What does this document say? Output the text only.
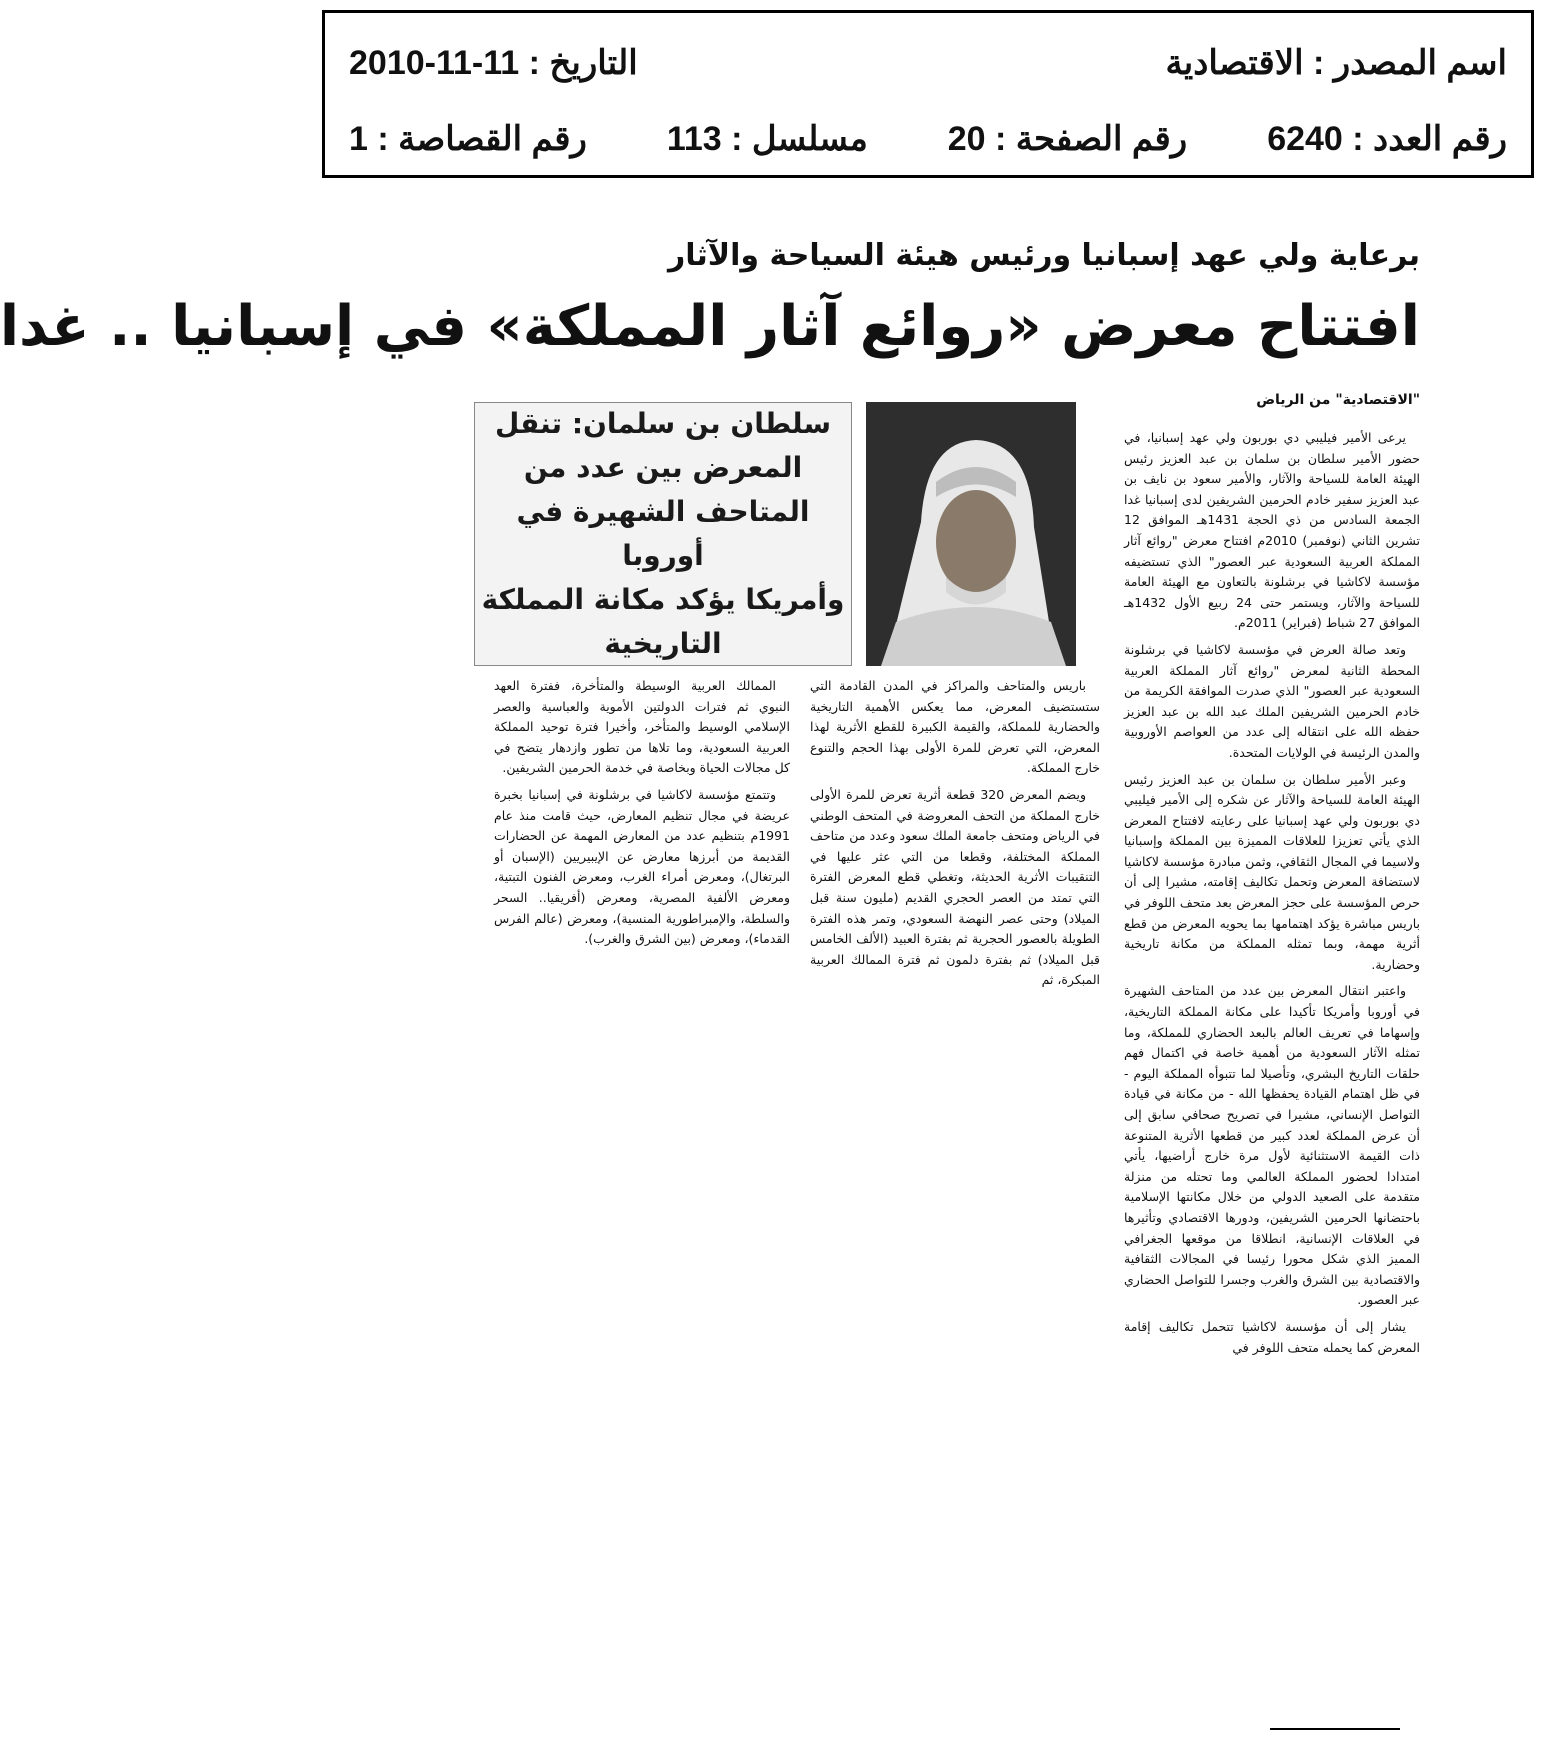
اسم المصدر : الاقتصادية
التاريخ : 11-11-2010
رقم العدد : 6240
رقم الصفحة : 20
مسلسل : 113
رقم القصاصة : 1
برعاية ولي عهد إسبانيا ورئيس هيئة السياحة والآثار
افتتاح معرض «روائع آثار المملكة» في إسبانيا .. غدا
"الاقتصادية" من الرياض
سلطان بن سلمان: تنقل
المعرض بين عدد من
المتاحف الشهيرة في أوروبا
وأمريكا يؤكد مكانة المملكة
التاريخية

يرعى الأمير فيليبي دي بوربون ولي عهد إسبانيا، في حضور الأمير سلطان بن سلمان بن عبد العزيز رئيس الهيئة العامة للسياحة والآثار، والأمير سعود بن نايف بن عبد العزيز سفير خادم الحرمين الشريفين لدى إسبانيا غدا الجمعة السادس من ذي الحجة 1431هـ الموافق 12 تشرين الثاني (نوفمبر) 2010م افتتاح معرض "روائع آثار المملكة العربية السعودية عبر العصور" الذي تستضيفه مؤسسة لاكاشيا في برشلونة بالتعاون مع الهيئة العامة للسياحة والآثار، ويستمر حتى 24 ربيع الأول 1432هـ الموافق 27 شباط (فبراير) 2011م.

وتعد صالة العرض في مؤسسة لاكاشيا في برشلونة المحطة الثانية لمعرض "روائع آثار المملكة العربية السعودية عبر العصور" الذي صدرت الموافقة الكريمة من خادم الحرمين الشريفين الملك عبد الله بن عبد العزيز حفظه الله على انتقاله إلى عدد من العواصم الأوروبية والمدن الرئيسة في الولايات المتحدة.

وعبر الأمير سلطان بن سلمان بن عبد العزيز رئيس الهيئة العامة للسياحة والآثار عن شكره إلى الأمير فيليبي دي بوربون ولي عهد إسبانيا على رعايته لافتتاح المعرض الذي يأتي تعزيزا للعلاقات المميزة بين المملكة وإسبانيا ولاسيما في المجال الثقافي، وثمن مبادرة مؤسسة لاكاشيا لاستضافة المعرض وتحمل تكاليف إقامته، مشيرا إلى أن حرص المؤسسة على حجز المعرض بعد متحف اللوفر في باريس مباشرة يؤكد اهتمامها بما يحويه المعرض من قطع أثرية مهمة، وبما تمثله المملكة من مكانة تاريخية وحضارية.

واعتبر انتقال المعرض بين عدد من المتاحف الشهيرة في أوروبا وأمريكا تأكيدا على مكانة المملكة التاريخية، وإسهاما في تعريف العالم بالبعد الحضاري للمملكة، وما تمثله الآثار السعودية من أهمية خاصة في اكتمال فهم حلقات التاريخ البشري، وتأصيلا لما تتبوأه المملكة اليوم - في ظل اهتمام القيادة يحفظها الله - من مكانة في قيادة التواصل الإنساني، مشيرا في تصريح صحافي سابق إلى أن عرض المملكة لعدد كبير من قطعها الأثرية المتنوعة ذات القيمة الاستثنائية لأول مرة خارج أراضيها، يأتي امتدادا لحضور المملكة العالمي وما تحتله من منزلة متقدمة على الصعيد الدولي من خلال مكانتها الإسلامية باحتضانها الحرمين الشريفين، ودورها الاقتصادي وتأثيرها في العلاقات الإنسانية، انطلاقا من موقعها الجغرافي المميز الذي شكل محورا رئيسا في المجالات الثقافية والاقتصادية بين الشرق والغرب وجسرا للتواصل الحضاري عبر العصور.

يشار إلى أن مؤسسة لاكاشيا تتحمل تكاليف إقامة المعرض كما يحمله متحف اللوفر في

باريس والمتاحف والمراكز في المدن القادمة التي ستستضيف المعرض، مما يعكس الأهمية التاريخية والحضارية للمملكة، والقيمة الكبيرة للقطع الأثرية لهذا المعرض، التي تعرض للمرة الأولى بهذا الحجم والتنوع خارج المملكة.

ويضم المعرض 320 قطعة أثرية تعرض للمرة الأولى خارج المملكة من التحف المعروضة في المتحف الوطني في الرياض ومتحف جامعة الملك سعود وعدد من متاحف المملكة المختلفة، وقطعا من التي عثر عليها في التنقيبات الأثرية الحديثة، وتغطي قطع المعرض الفترة التي تمتد من العصر الحجري القديم (مليون سنة قبل الميلاد) وحتى عصر النهضة السعودي، وتمر هذه الفترة الطويلة بالعصور الحجرية ثم بفترة العبيد (الألف الخامس قبل الميلاد) ثم بفترة دلمون ثم فترة الممالك العربية المبكرة، ثم

الممالك العربية الوسيطة والمتأخرة، ففترة العهد النبوي ثم فترات الدولتين الأموية والعباسية والعصر الإسلامي الوسيط والمتأخر، وأخيرا فترة توحيد المملكة العربية السعودية، وما تلاها من تطور وازدهار يتضح في كل مجالات الحياة وبخاصة في خدمة الحرمين الشريفين.

وتتمتع مؤسسة لاكاشيا في برشلونة في إسبانيا بخبرة عريضة في مجال تنظيم المعارض، حيث قامت منذ عام 1991م بتنظيم عدد من المعارض المهمة عن الحضارات القديمة من أبرزها معارض عن الإيبيريين (الإسبان أو البرتغال)، ومعرض أمراء الغرب، ومعرض الفنون التبتية، ومعرض الألفية المصرية، ومعرض (أفريقيا.. السحر والسلطة، والإمبراطورية المنسية)، ومعرض (عالم الفرس القدماء)، ومعرض (بين الشرق والغرب).
